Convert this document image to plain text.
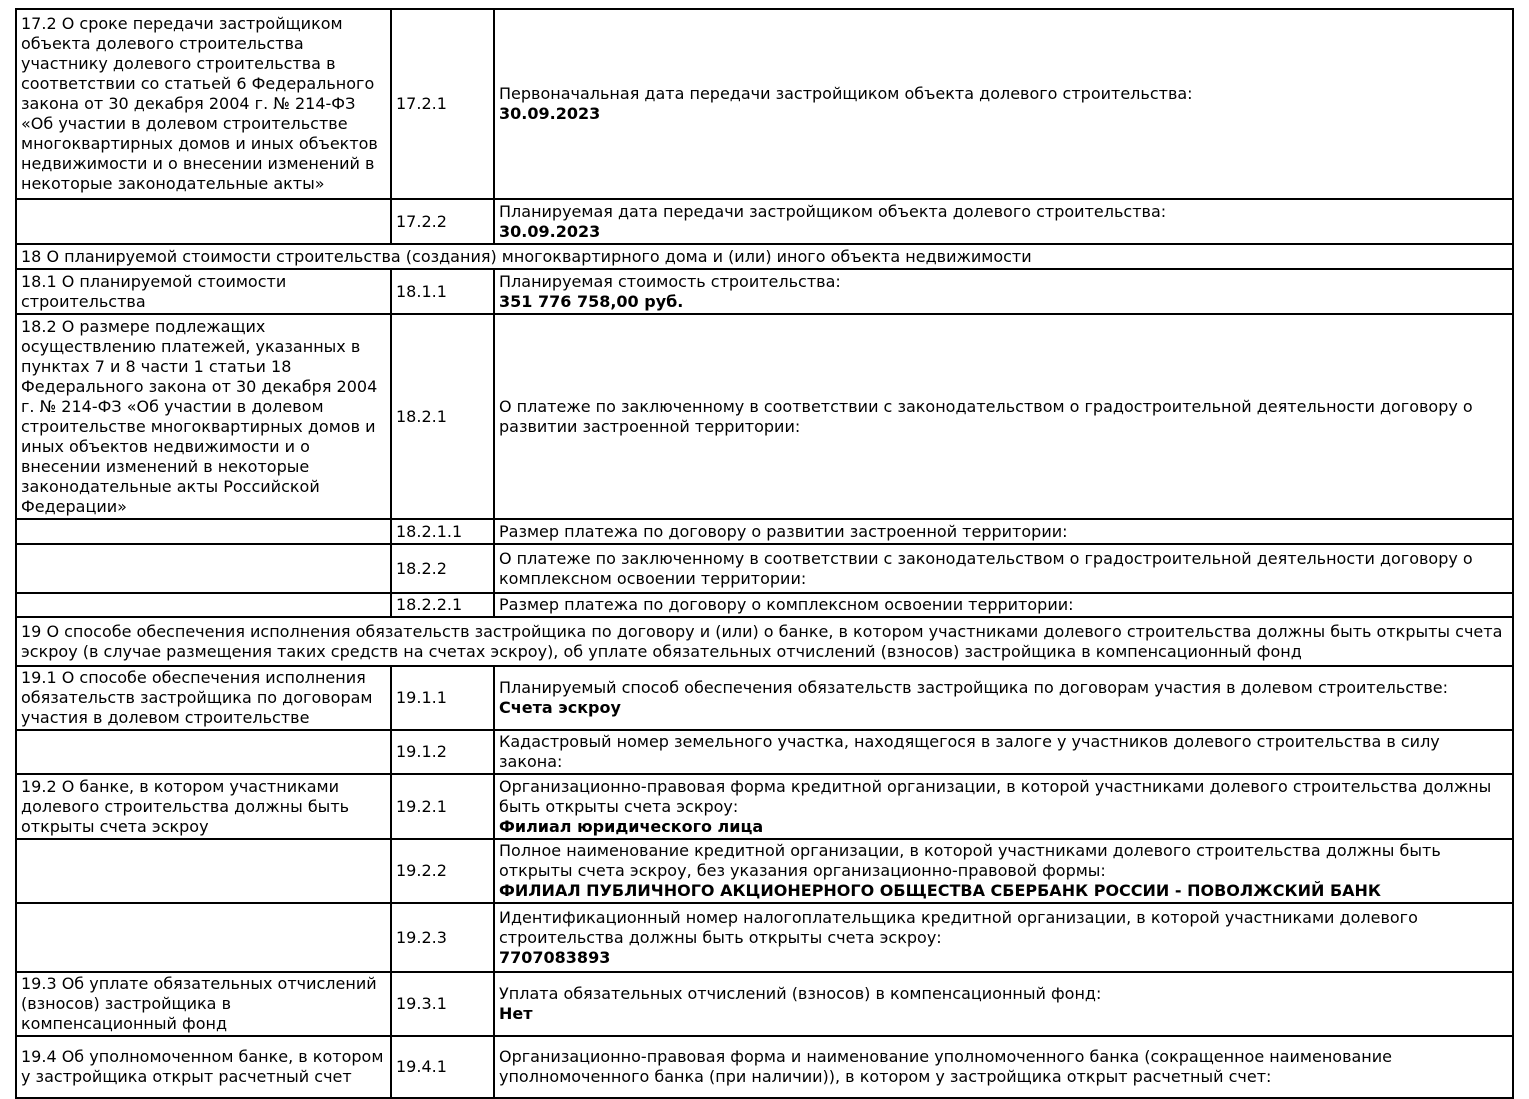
17.2 О сроке передачи застройщиком объекта долевого строительства участнику долевого строительства в соответствии со статьей 6 Федерального закона от 30 декабря 2004 г. № 214-ФЗ «Об участии в долевом строительстве многоквартирных домов и иных объектов недвижимости и о внесении изменений в некоторые законодательные акты»	17.2.1	Первоначальная дата передачи застройщиком объекта долевого строительства:
30.09.2023

	17.2.2	Планируемая дата передачи застройщиком объекта долевого строительства:
30.09.2023

18 О планируемой стоимости строительства (создания) многоквартирного дома и (или) иного объекта недвижимости		

18.1 О планируемой стоимости строительства	18.1.1	Планируемая стоимость строительства:
351 776 758,00 руб.

18.2 О размере подлежащих осуществлению платежей, указанных в пунктах 7 и 8 части 1 статьи 18 Федерального закона от 30 декабря 2004 г. № 214-ФЗ «Об участии в долевом строительстве многоквартирных домов и иных объектов недвижимости и о внесении изменений в некоторые законодательные акты Российской Федерации»	18.2.1	О платеже по заключенному в соответствии с законодательством о градостроительной деятельности договору о развитии застроенной территории:

	18.2.1.1	Размер платежа по договору о развитии застроенной территории:

	18.2.2	О платеже по заключенному в соответствии с законодательством о градостроительной деятельности договору о комплексном освоении территории:

	18.2.2.1	Размер платежа по договору о комплексном освоении территории:

19 О способе обеспечения исполнения обязательств застройщика по договору и (или) о банке, в котором участниками долевого строительства должны быть открыты счета эскроу (в случае размещения таких средств на счетах эскроу), об уплате обязательных отчислений (взносов) застройщика в компенсационный фонд		

19.1 О способе обеспечения исполнения обязательств застройщика по договорам участия в долевом строительстве	19.1.1	Планируемый способ обеспечения обязательств застройщика по договорам участия в долевом строительстве:
Счета эскроу

	19.1.2	Кадастровый номер земельного участка, находящегося в залоге у участников долевого строительства в силу закона:

19.2 О банке, в котором участниками долевого строительства должны быть открыты счета эскроу	19.2.1	Организационно-правовая форма кредитной организации, в которой участниками долевого строительства должны быть открыты счета эскроу:
Филиал юридического лица

	19.2.2	Полное наименование кредитной организации, в которой участниками долевого строительства должны быть открыты счета эскроу, без указания организационно-правовой формы:
ФИЛИАЛ ПУБЛИЧНОГО АКЦИОНЕРНОГО ОБЩЕСТВА СБЕРБАНК РОССИИ - ПОВОЛЖСКИЙ БАНК

	19.2.3	Идентификационный номер налогоплательщика кредитной организации, в которой участниками долевого строительства должны быть открыты счета эскроу:
7707083893

19.3 Об уплате обязательных отчислений (взносов) застройщика в компенсационный фонд	19.3.1	Уплата обязательных отчислений (взносов) в компенсационный фонд:
Нет

19.4 Об уполномоченном банке, в котором у застройщика открыт расчетный счет	19.4.1	Организационно-правовая форма и наименование уполномоченного банка (сокращенное наименование уполномоченного банка (при наличии)), в котором у застройщика открыт расчетный счет:
